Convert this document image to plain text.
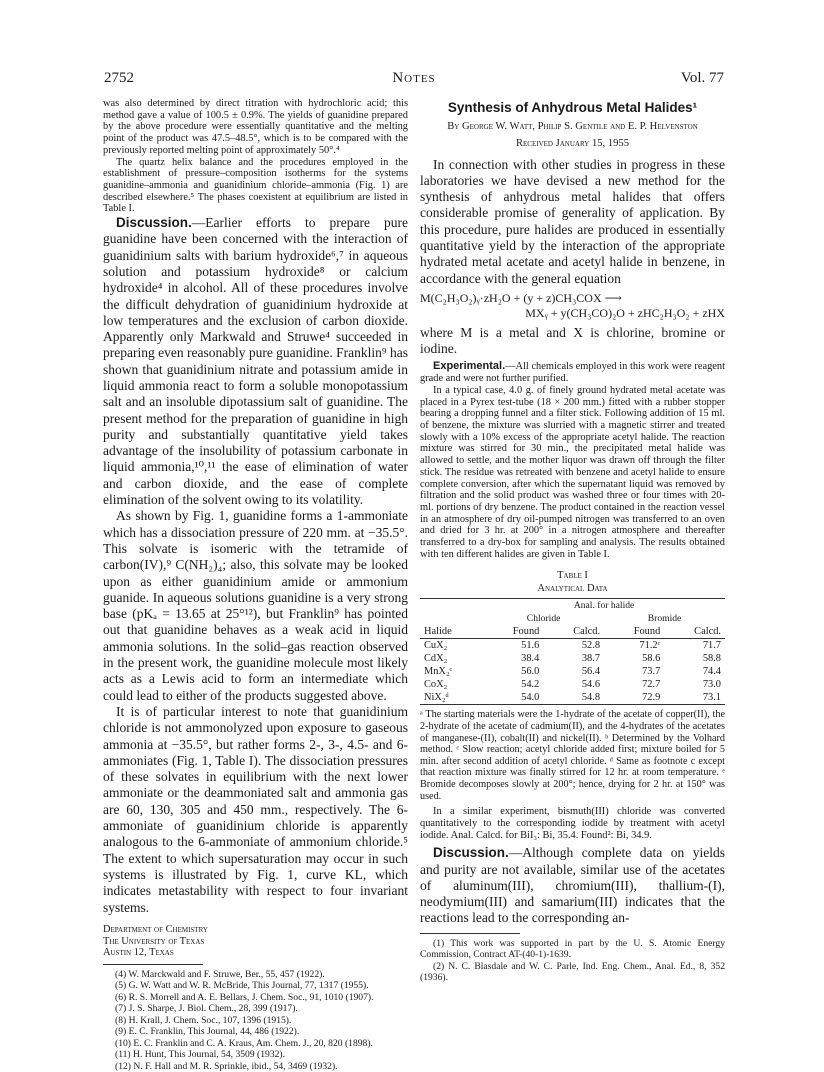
2752	Notes	Vol. 77

was also determined by direct titration with hydrochloric acid; this method gave a value of 100.5 ± 0.9%. The yields of guanidine prepared by the above procedure were essentially quantitative and the melting point of the product was 47.5–48.5°, which is to be compared with the previously reported melting point of approximately 50°.⁴

The quartz helix balance and the procedures employed in the establishment of pressure–composition isotherms for the systems guanidine–ammonia and guanidinium chloride–ammonia (Fig. 1) are described elsewhere.⁵ The phases coexistent at equilibrium are listed in Table I.

Discussion.—Earlier efforts to prepare pure guanidine have been concerned with the interaction of guanidinium salts with barium hydroxide⁶,⁷ in aqueous solution and potassium hydroxide⁸ or calcium hydroxide⁴ in alcohol. All of these procedures involve the difficult dehydration of guanidinium hydroxide at low temperatures and the exclusion of carbon dioxide. Apparently only Markwald and Struwe⁴ succeeded in preparing even reasonably pure guanidine. Franklin⁹ has shown that guanidinium nitrate and potassium amide in liquid ammonia react to form a soluble monopotassium salt and an insoluble dipotassium salt of guanidine. The present method for the preparation of guanidine in high purity and substantially quantitative yield takes advantage of the insolubility of potassium carbonate in liquid ammonia,¹⁰,¹¹ the ease of elimination of water and carbon dioxide, and the ease of complete elimination of the solvent owing to its volatility.

As shown by Fig. 1, guanidine forms a 1-ammoniate which has a dissociation pressure of 220 mm. at −35.5°. This solvate is isomeric with the tetramide of carbon(IV),⁹ C(NH₂)₄; also, this solvate may be looked upon as either guanidinium amide or ammonium guanide. In aqueous solutions guanidine is a very strong base (pKₐ = 13.65 at 25°¹²), but Franklin⁹ has pointed out that guanidine behaves as a weak acid in liquid ammonia solutions. In the solid–gas reaction observed in the present work, the guanidine molecule most likely acts as a Lewis acid to form an intermediate which could lead to either of the products suggested above.

It is of particular interest to note that guanidinium chloride is not ammonolyzed upon exposure to gaseous ammonia at −35.5°, but rather forms 2-, 3-, 4.5- and 6-ammoniates (Fig. 1, Table I). The dissociation pressures of these solvates in equilibrium with the next lower ammoniate or the deammoniated salt and ammonia gas are 60, 130, 305 and 450 mm., respectively. The 6-ammoniate of guanidinium chloride is apparently analogous to the 6-ammoniate of ammonium chloride.⁵ The extent to which supersaturation may occur in such systems is illustrated by Fig. 1, curve KL, which indicates metastability with respect to four invariant systems.

Department of Chemistry
The University of Texas
Austin 12, Texas
(4) W. Marckwald and F. Struwe, Ber., 55, 457 (1922).
(5) G. W. Watt and W. R. McBride, This Journal, 77, 1317 (1955).
(6) R. S. Morrell and A. E. Bellars, J. Chem. Soc., 91, 1010 (1907).
(7) J. S. Sharpe, J. Biol. Chem., 28, 399 (1917).
(8) H. Krall, J. Chem. Soc., 107, 1396 (1915).
(9) E. C. Franklin, This Journal, 44, 486 (1922).
(10) E. C. Franklin and C. A. Kraus, Am. Chem. J., 20, 820 (1898).
(11) H. Hunt, This Journal, 54, 3509 (1932).
(12) N. F. Hall and M. R. Sprinkle, ibid., 54, 3469 (1932).
Synthesis of Anhydrous Metal Halides¹
By George W. Watt, Philip S. Gentile and E. P. Helvenston
Received January 15, 1955

In connection with other studies in progress in these laboratories we have devised a new method for the synthesis of anhydrous metal halides that offers considerable promise of generality of application. By this procedure, pure halides are produced in essentially quantitative yield by the interaction of the appropriate hydrated metal acetate and acetyl halide in benzene, in accordance with the general equation

M(C₂H₃O₂)ᵧ·zH₂O + (y + z)CH₃COX ⟶
MXᵧ + y(CH₃CO)₂O + zHC₂H₃O₂ + zHX

where M is a metal and X is chlorine, bromine or iodine.

Experimental.—All chemicals employed in this work were reagent grade and were not further purified.

In a typical case, 4.0 g. of finely ground hydrated metal acetate was placed in a Pyrex test-tube (18 × 200 mm.) fitted with a rubber stopper bearing a dropping funnel and a filter stick. Following addition of 15 ml. of benzene, the mixture was slurried with a magnetic stirrer and treated slowly with a 10% excess of the appropriate acetyl halide. The reaction mixture was stirred for 30 min., the precipitated metal halide was allowed to settle, and the mother liquor was drawn off through the filter stick. The residue was retreated with benzene and acetyl halide to ensure complete conversion, after which the supernatant liquid was removed by filtration and the solid product was washed three or four times with 20-ml. portions of dry benzene. The product contained in the reaction vessel in an atmosphere of dry oil-pumped nitrogen was transferred to an oven and dried for 3 hr. at 200° in a nitrogen atmosphere and thereafter transferred to a dry-box for sampling and analysis. The results obtained with ten different halides are given in Table I.

Table I
Analytical Data
	Anal. for halide			
	Chloride		Bromide	
Halide	Found	Calcd.	Found	Calcd.
CuX₂	51.6	52.8	71.2ᶜ	71.7
CdX₂	38.4	38.7	58.6	58.8
MnX₂ᶜ	56.0	56.4	73.7	74.4
CoX₂	54.2	54.6	72.7	73.0
NiX₂ᵈ	54.0	54.8	72.9	73.1

ᵃ The starting materials were the 1-hydrate of the acetate of copper(II), the 2-hydrate of the acetate of cadmium(II), and the 4-hydrates of the acetates of manganese-(II), cobalt(II) and nickel(II). ᵇ Determined by the Volhard method. ᶜ Slow reaction; acetyl chloride added first; mixture boiled for 5 min. after second addition of acetyl chloride. ᵈ Same as footnote c except that reaction mixture was finally stirred for 12 hr. at room temperature. ᵉ Bromide decomposes slowly at 200°; hence, drying for 2 hr. at 150° was used.

In a similar experiment, bismuth(III) chloride was converted quantitatively to the corresponding iodide by treatment with acetyl iodide. Anal. Calcd. for BiI₃: Bi, 35.4. Found²: Bi, 34.9.

Discussion.—Although complete data on yields and purity are not available, similar use of the acetates of aluminum(III), chromium(III), thallium-(I), neodymium(III) and samarium(III) indicates that the reactions lead to the corresponding an-

(1) This work was supported in part by the U. S. Atomic Energy Commission, Contract AT-(40-1)-1639.

(2) N. C. Blasdale and W. C. Parle, Ind. Eng. Chem., Anal. Ed., 8, 352 (1936).
